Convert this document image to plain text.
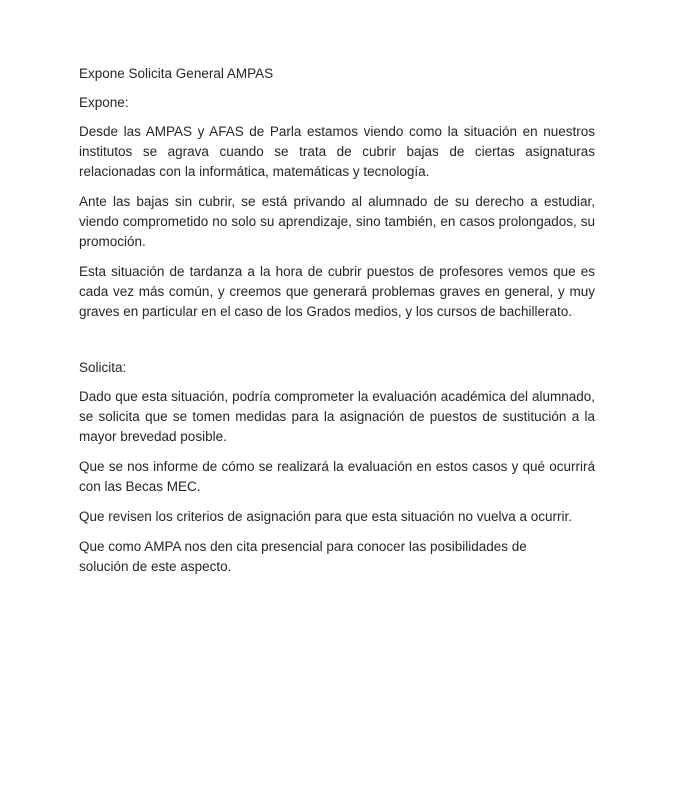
Expone Solicita General AMPAS
Expone:

Desde las AMPAS y AFAS de Parla estamos viendo como la situación en nuestros institutos se agrava cuando se trata de cubrir bajas de ciertas asignaturas relacionadas con la informática, matemáticas y tecnología.

Ante las bajas sin cubrir, se está privando al alumnado de su derecho a estudiar, viendo comprometido no solo su aprendizaje, sino también, en casos prolongados, su promoción.

Esta situación de tardanza a la hora de cubrir puestos de profesores vemos que es cada vez más común, y creemos que generará problemas graves en general, y muy graves en particular en el caso de los Grados medios, y los cursos de bachillerato.

Solicita:

Dado que esta situación, podría comprometer la evaluación académica del alumnado, se solicita que se tomen medidas para la asignación de puestos de sustitución a la mayor brevedad posible.

Que se nos informe de cómo se realizará la evaluación en estos casos y qué ocurrirá con las Becas MEC.

Que revisen los criterios de asignación para que esta situación no vuelva a ocurrir.

Que como AMPA nos den cita presencial para conocer las posibilidades de solución de este aspecto.
